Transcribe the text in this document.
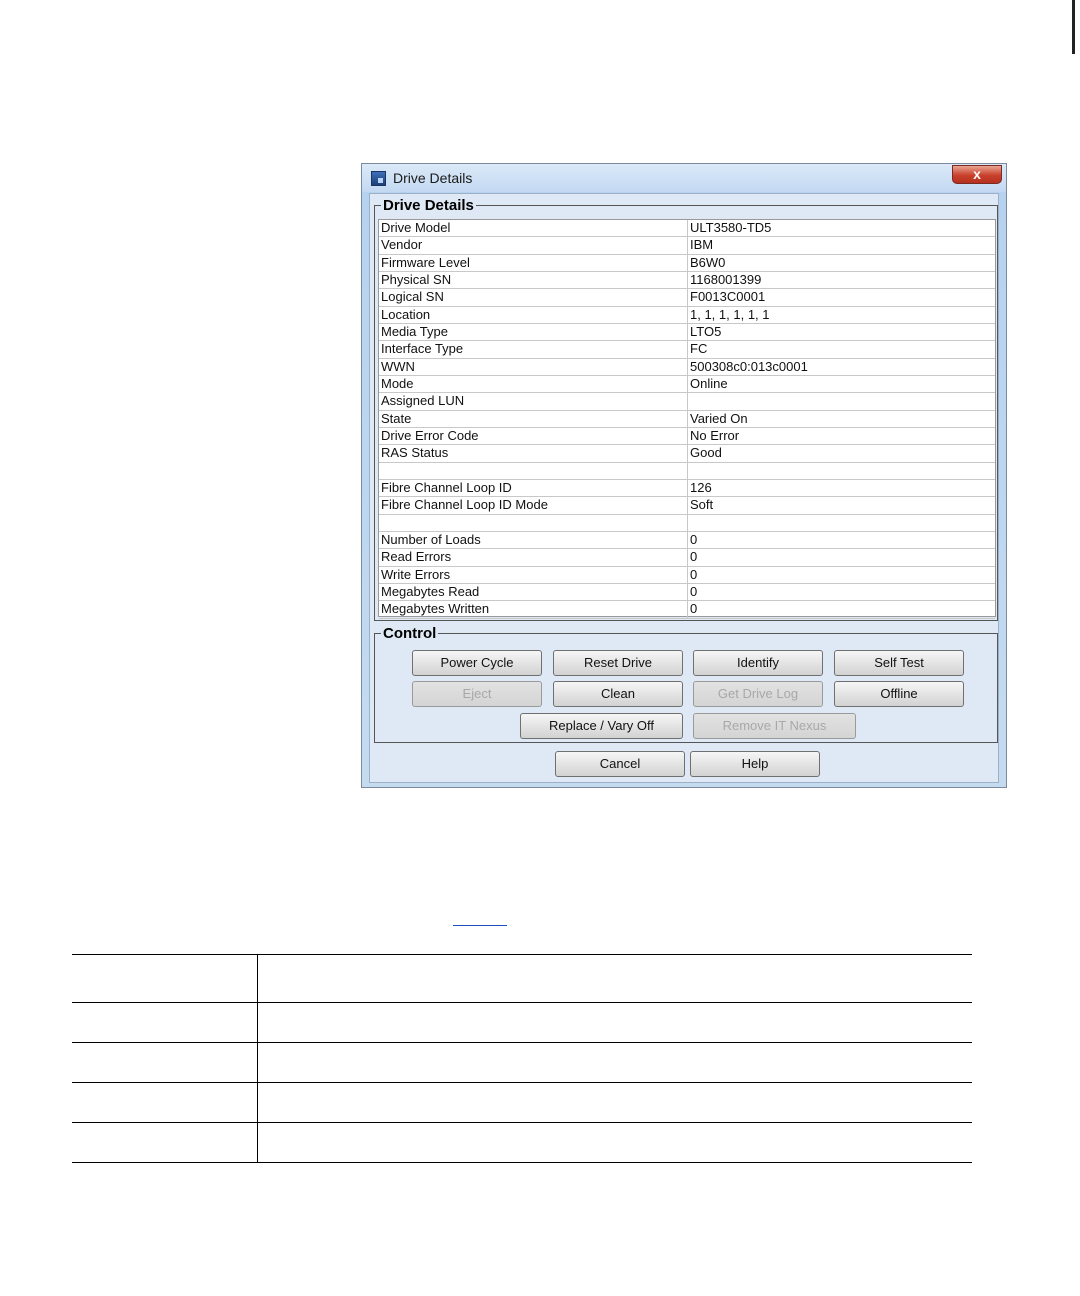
Drive Details	x
Drive Details
Drive Model	ULT3580-TD5
Vendor	IBM
Firmware Level	B6W0
Physical SN	1168001399
Logical SN	F0013C0001
Location	1, 1, 1, 1, 1, 1
Media Type	LTO5
Interface Type	FC
WWN	500308c0:013c0001
Mode	Online
Assigned LUN
State	Varied On
Drive Error Code	No Error
RAS Status	Good
Fibre Channel Loop ID	126
Fibre Channel Loop ID Mode	Soft
Number of Loads	0
Read Errors	0
Write Errors	0
Megabytes Read	0
Megabytes Written	0
Control
Power Cycle	Reset Drive	Identify	Self Test
Eject	Clean	Get Drive Log	Offline
Replace / Vary Off	Remove IT Nexus
Cancel	Help
